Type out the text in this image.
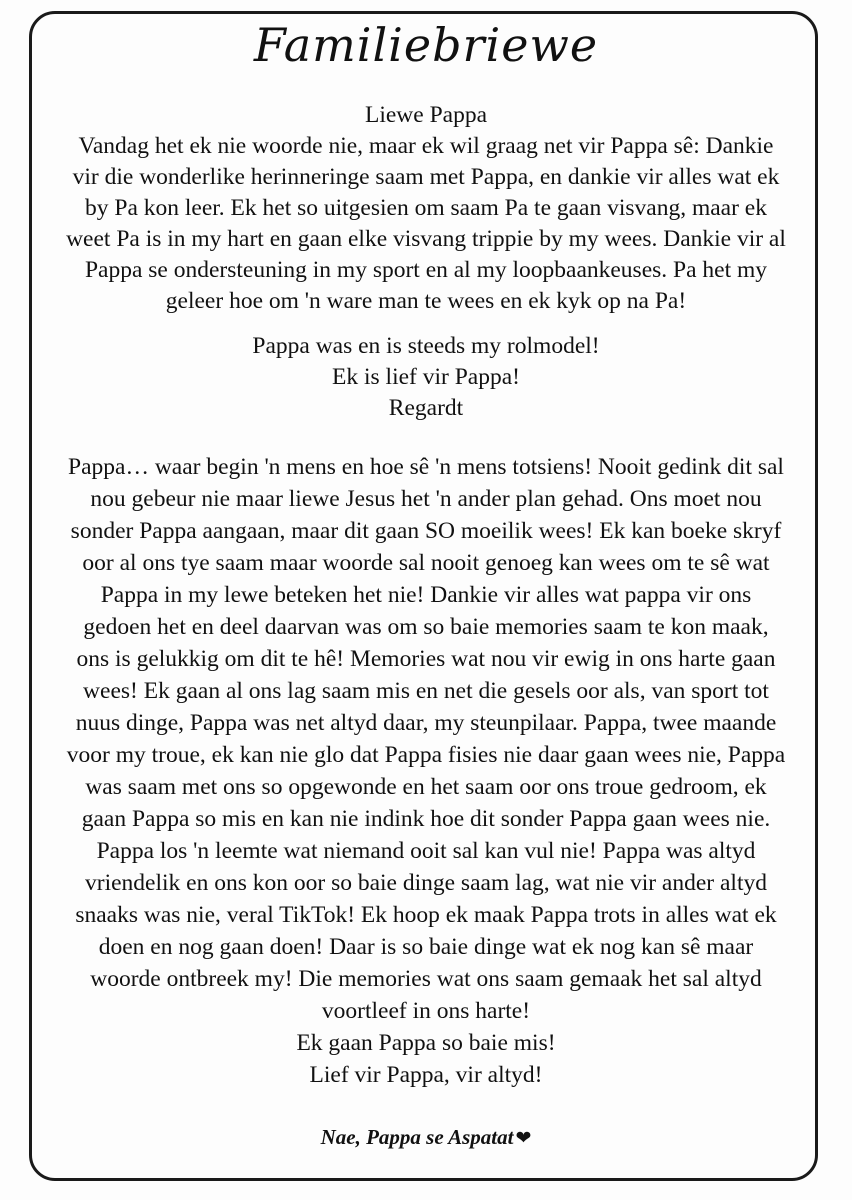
Familiebriewe
Liewe Pappa
Vandag het ek nie woorde nie, maar ek wil graag net vir Pappa sê: Dankie
vir die wonderlike herinneringe saam met Pappa, en dankie vir alles wat ek
by Pa kon leer. Ek het so uitgesien om saam Pa te gaan visvang, maar ek
weet Pa is in my hart en gaan elke visvang trippie by my wees. Dankie vir al
Pappa se ondersteuning in my sport en al my loopbaankeuses. Pa het my
geleer hoe om 'n ware man te wees en ek kyk op na Pa!
Pappa was en is steeds my rolmodel!
Ek is lief vir Pappa!
Regardt
Pappa… waar begin 'n mens en hoe sê 'n mens totsiens! Nooit gedink dit sal
nou gebeur nie maar liewe Jesus het 'n ander plan gehad. Ons moet nou
sonder Pappa aangaan, maar dit gaan SO moeilik wees! Ek kan boeke skryf
oor al ons tye saam maar woorde sal nooit genoeg kan wees om te sê wat
Pappa in my lewe beteken het nie! Dankie vir alles wat pappa vir ons
gedoen het en deel daarvan was om so baie memories saam te kon maak,
ons is gelukkig om dit te hê! Memories wat nou vir ewig in ons harte gaan
wees! Ek gaan al ons lag saam mis en net die gesels oor als, van sport tot
nuus dinge, Pappa was net altyd daar, my steunpilaar. Pappa, twee maande
voor my troue, ek kan nie glo dat Pappa fisies nie daar gaan wees nie, Pappa
was saam met ons so opgewonde en het saam oor ons troue gedroom, ek
gaan Pappa so mis en kan nie indink hoe dit sonder Pappa gaan wees nie.
Pappa los 'n leemte wat niemand ooit sal kan vul nie! Pappa was altyd
vriendelik en ons kon oor so baie dinge saam lag, wat nie vir ander altyd
snaaks was nie, veral TikTok! Ek hoop ek maak Pappa trots in alles wat ek
doen en nog gaan doen! Daar is so baie dinge wat ek nog kan sê maar
woorde ontbreek my! Die memories wat ons saam gemaak het sal altyd
voortleef in ons harte!
Ek gaan Pappa so baie mis!
Lief vir Pappa, vir altyd!
Nae, Pappa se Aspatat ❤
